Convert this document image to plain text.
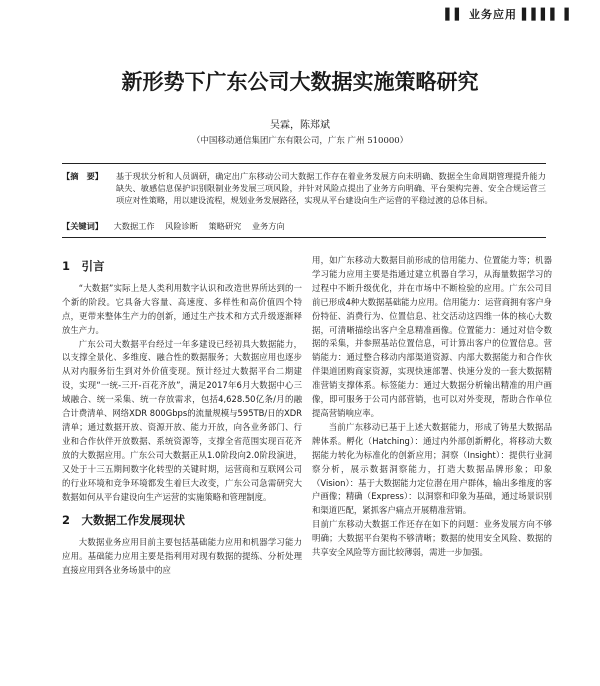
▌▌ 业务应用 ▌▌▌▌ ▌
新形势下广东公司大数据实施策略研究
吴霖，陈郑斌
（中国移动通信集团广东有限公司，广东 广州 510000）
【摘　要】	基于现状分析和人员调研，确定出广东移动公司大数据工作存在着业务发展方向未明确、数据全生命周期管理提升能力缺失、敏感信息保护识别限制业务发展三项风险，并针对风险点提出了业务方向明确、平台架构完善、安全合规运营三项应对性策略，用以建设流程，规划业务发展路径，实现从平台建设向生产运营的平稳过渡的总体目标。
【关键词】 大数据工作 风险诊断 策略研究 业务方向
1　引言

“大数据”实际上是人类利用数字认识和改造世界所达到的一个新的阶段。它具备大容量、高速度、多样性和高价值四个特点，更带来整体生产力的创新，通过生产技术和方式升级逐渐释放生产力。

广东公司大数据平台经过一年多建设已经初具大数据能力，以支撑全景化、多维度、融合性的数据服务；大数据应用也逐步从对内服务衍生到对外价值变现。预计经过大数据平台二期建设，实现“一统-三开-百花齐放”，满足2017年6月大数据中心三域融合、统一采集、统一存放需求，包括4,628.50亿条/月的融合计费清单、网络XDR 800Gbps的流量规模与595TB/日的XDR清单；通过数据开放、资源开放、能力开放，向各业务部门、行业和合作伙伴开放数据、系统资源等，支撑全省范围实现百花齐放的大数据应用。广东公司大数据正从1.0阶段向2.0阶段演进，又处于十三五期间数字化转型的关键时期，运营商和互联网公司的行业环境和竞争环境都发生着巨大改变，广东公司急需研究大数据如何从平台建设向生产运营的实施策略和管理制度。

2　大数据工作发展现状

大数据业务应用目前主要包括基础能力应用和机器学习能力应用。基础能力应用主要是指利用对现有数据的提练、分析处理直接应用到各业务场景中的应

用，如广东移动大数据目前形成的信用能力、位置能力等；机器学习能力应用主要是指通过建立机器自学习，从海量数据学习的过程中不断升级优化，并在市场中不断检验的应用。广东公司目前已形成4种大数据基础能力应用。信用能力：运营商拥有客户身份特征、消费行为、位置信息、社交活动这四维一体的核心大数据，可清晰描绘出客户全息精准画像。位置能力：通过对信令数据的采集，并参照基站位置信息，可计算出客户的位置信息。营销能力：通过整合移动内部渠道资源、内部大数据能力和合作伙伴渠道团购商家资源，实现快速部署、快速分发的一套大数据精准营销支撑体系。标签能力：通过大数据分析输出精准的用户画像，即可服务于公司内部营销，也可以对外变现，帮助合作单位提高营销响应率。

当前广东移动已基于上述大数据能力，形成了铸星大数据品牌体系。孵化（Hatching）：通过内外部创新孵化，将移动大数据能力转化为标准化的创新应用；洞察（Insight）：提供行业洞察分析，展示数据洞察能力，打造大数据品牌形象；印象（Vision）：基于大数据能力定位潜在用户群体，输出多维度的客户画像；精确（Express）：以洞察和印象为基础，通过场景识别和渠道匹配，紧抓客户痛点开展精准营销。

目前广东移动大数据工作还存在如下的问题：业务发展方向不够明确；大数据平台架构不够清晰；数据的使用安全风险、数据的共享安全风险等方面比较薄弱，需进一步加强。
